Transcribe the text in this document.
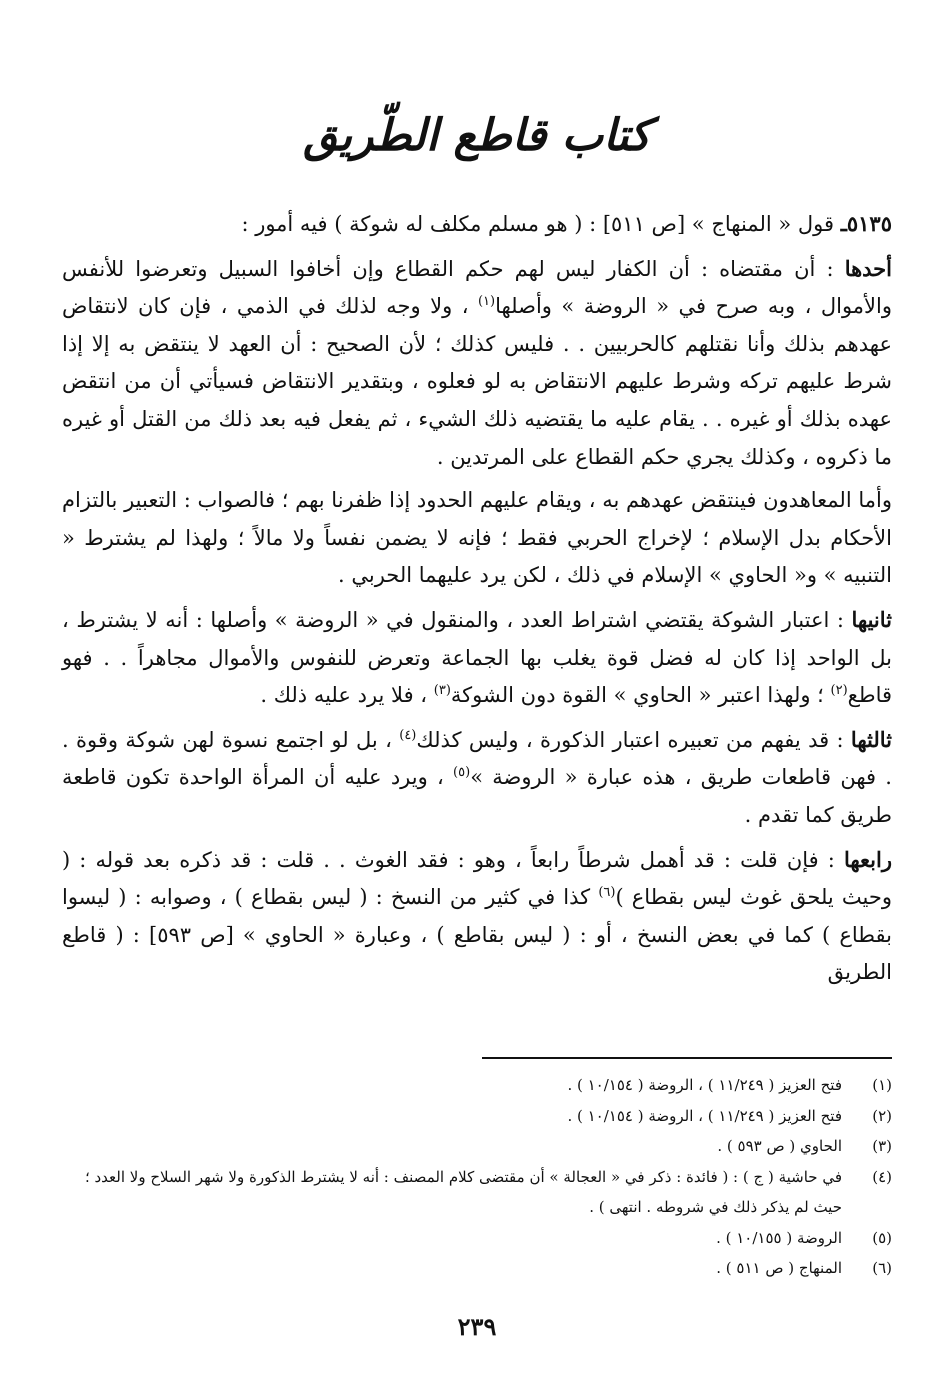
كتاب قاطع الطّريق

٥١٣٥ـ قول « المنهاج » [ص ٥١١] : ( هو مسلم مكلف له شوكة ) فيه أمور :

أحدها : أن مقتضاه : أن الكفار ليس لهم حكم القطاع وإن أخافوا السبيل وتعرضوا للأنفس والأموال ، وبه صرح في « الروضة » وأصلها$^{(١)}$ ، ولا وجه لذلك في الذمي ، فإن كان لانتقاض عهدهم بذلك وأنا نقتلهم كالحربيين . . فليس كذلك ؛ لأن الصحيح : أن العهد لا ينتقض به إلا إذا شرط عليهم تركه وشرط عليهم الانتقاض به لو فعلوه ، وبتقدير الانتقاض فسيأتي أن من انتقض عهده بذلك أو غيره . . يقام عليه ما يقتضيه ذلك الشيء ، ثم يفعل فيه بعد ذلك من القتل أو غيره ما ذكروه ، وكذلك يجري حكم القطاع على المرتدين .

وأما المعاهدون فينتقض عهدهم به ، ويقام عليهم الحدود إذا ظفرنا بهم ؛ فالصواب : التعبير بالتزام الأحكام بدل الإسلام ؛ لإخراج الحربي فقط ؛ فإنه لا يضمن نفساً ولا مالاً ؛ ولهذا لم يشترط « التنبيه » و« الحاوي » الإسلام في ذلك ، لكن يرد عليهما الحربي .

ثانيها : اعتبار الشوكة يقتضي اشتراط العدد ، والمنقول في « الروضة » وأصلها : أنه لا يشترط ، بل الواحد إذا كان له فضل قوة يغلب بها الجماعة وتعرض للنفوس والأموال مجاهراً . . فهو قاطع$^{(٢)}$ ؛ ولهذا اعتبر « الحاوي » القوة دون الشوكة$^{(٣)}$ ، فلا يرد عليه ذلك .

ثالثها : قد يفهم من تعبيره اعتبار الذكورة ، وليس كذلك$^{(٤)}$ ، بل لو اجتمع نسوة لهن شوكة وقوة . . فهن قاطعات طريق ، هذه عبارة « الروضة »$^{(٥)}$ ، ويرد عليه أن المرأة الواحدة تكون قاطعة طريق كما تقدم .

رابعها : فإن قلت : قد أهمل شرطاً رابعاً ، وهو : فقد الغوث . . قلت : قد ذكره بعد قوله : ( وحيث يلحق غوث ليس بقطاع )$^{(٦)}$ كذا في كثير من النسخ : ( ليس بقطاع ) ، وصوابه : ( ليسوا بقطاع ) كما في بعض النسخ ، أو : ( ليس بقاطع ) ، وعبارة « الحاوي » [ص ٥٩٣] : ( قاطع الطريق

(١)
فتح العزيز ( ١١/٢٤٩ ) ، الروضة ( ١٠/١٥٤ ) .
(٢)
فتح العزيز ( ١١/٢٤٩ ) ، الروضة ( ١٠/١٥٤ ) .
(٣)
الحاوي ( ص ٥٩٣ ) .
(٤)
في حاشية ( ج ) : ( فائدة : ذكر في « العجالة » أن مقتضى كلام المصنف : أنه لا يشترط الذكورة ولا شهر السلاح ولا العدد ؛ حيث لم يذكر ذلك في شروطه . انتهى ) .
(٥)
الروضة ( ١٠/١٥٥ ) .
(٦)
المنهاج ( ص ٥١١ ) .
٢٣٩
